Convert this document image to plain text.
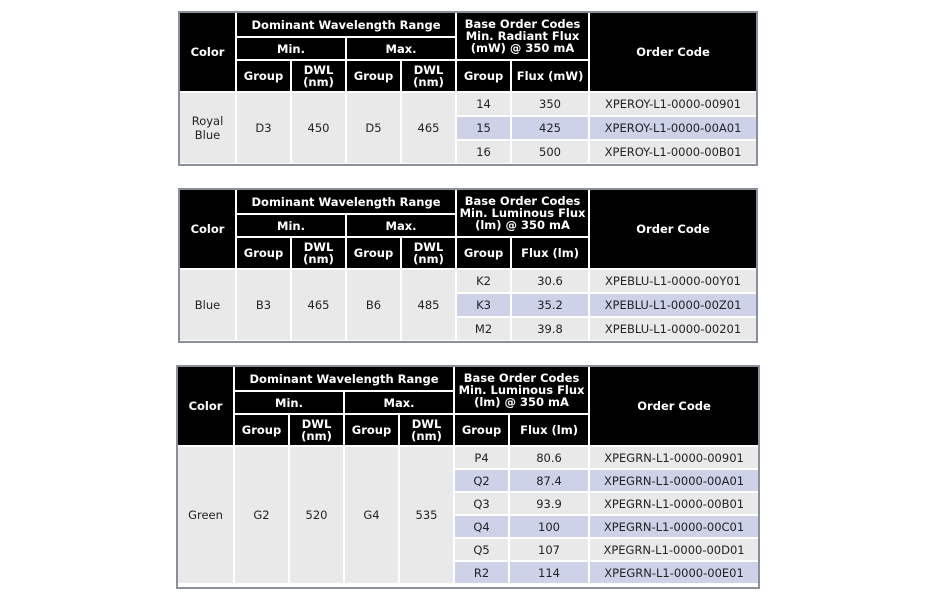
Color	Dominant Wavelength Range				Base Order Codes Min. Radiant Flux (mW) @ 350 mA		Order Code
	Min.		Max.				
	Group	DWL (nm)	Group	DWL (nm)	Group	Flux (mW)	
Royal Blue	D3	450	D5	465	14	350	XPEROY-L1-0000-00901
					15	425	XPEROY-L1-0000-00A01
					16	500	XPEROY-L1-0000-00B01
Color	Dominant Wavelength Range				Base Order Codes Min. Luminous Flux (lm) @ 350 mA		Order Code
	Min.		Max.				
	Group	DWL (nm)	Group	DWL (nm)	Group	Flux (lm)	
Blue	B3	465	B6	485	K2	30.6	XPEBLU-L1-0000-00Y01
					K3	35.2	XPEBLU-L1-0000-00Z01
					M2	39.8	XPEBLU-L1-0000-00201
Color	Dominant Wavelength Range				Base Order Codes Min. Luminous Flux (lm) @ 350 mA		Order Code
	Min.		Max.				
	Group	DWL (nm)	Group	DWL (nm)	Group	Flux (lm)	
Green	G2	520	G4	535	P4	80.6	XPEGRN-L1-0000-00901
					Q2	87.4	XPEGRN-L1-0000-00A01
					Q3	93.9	XPEGRN-L1-0000-00B01
					Q4	100	XPEGRN-L1-0000-00C01
					Q5	107	XPEGRN-L1-0000-00D01
					R2	114	XPEGRN-L1-0000-00E01
